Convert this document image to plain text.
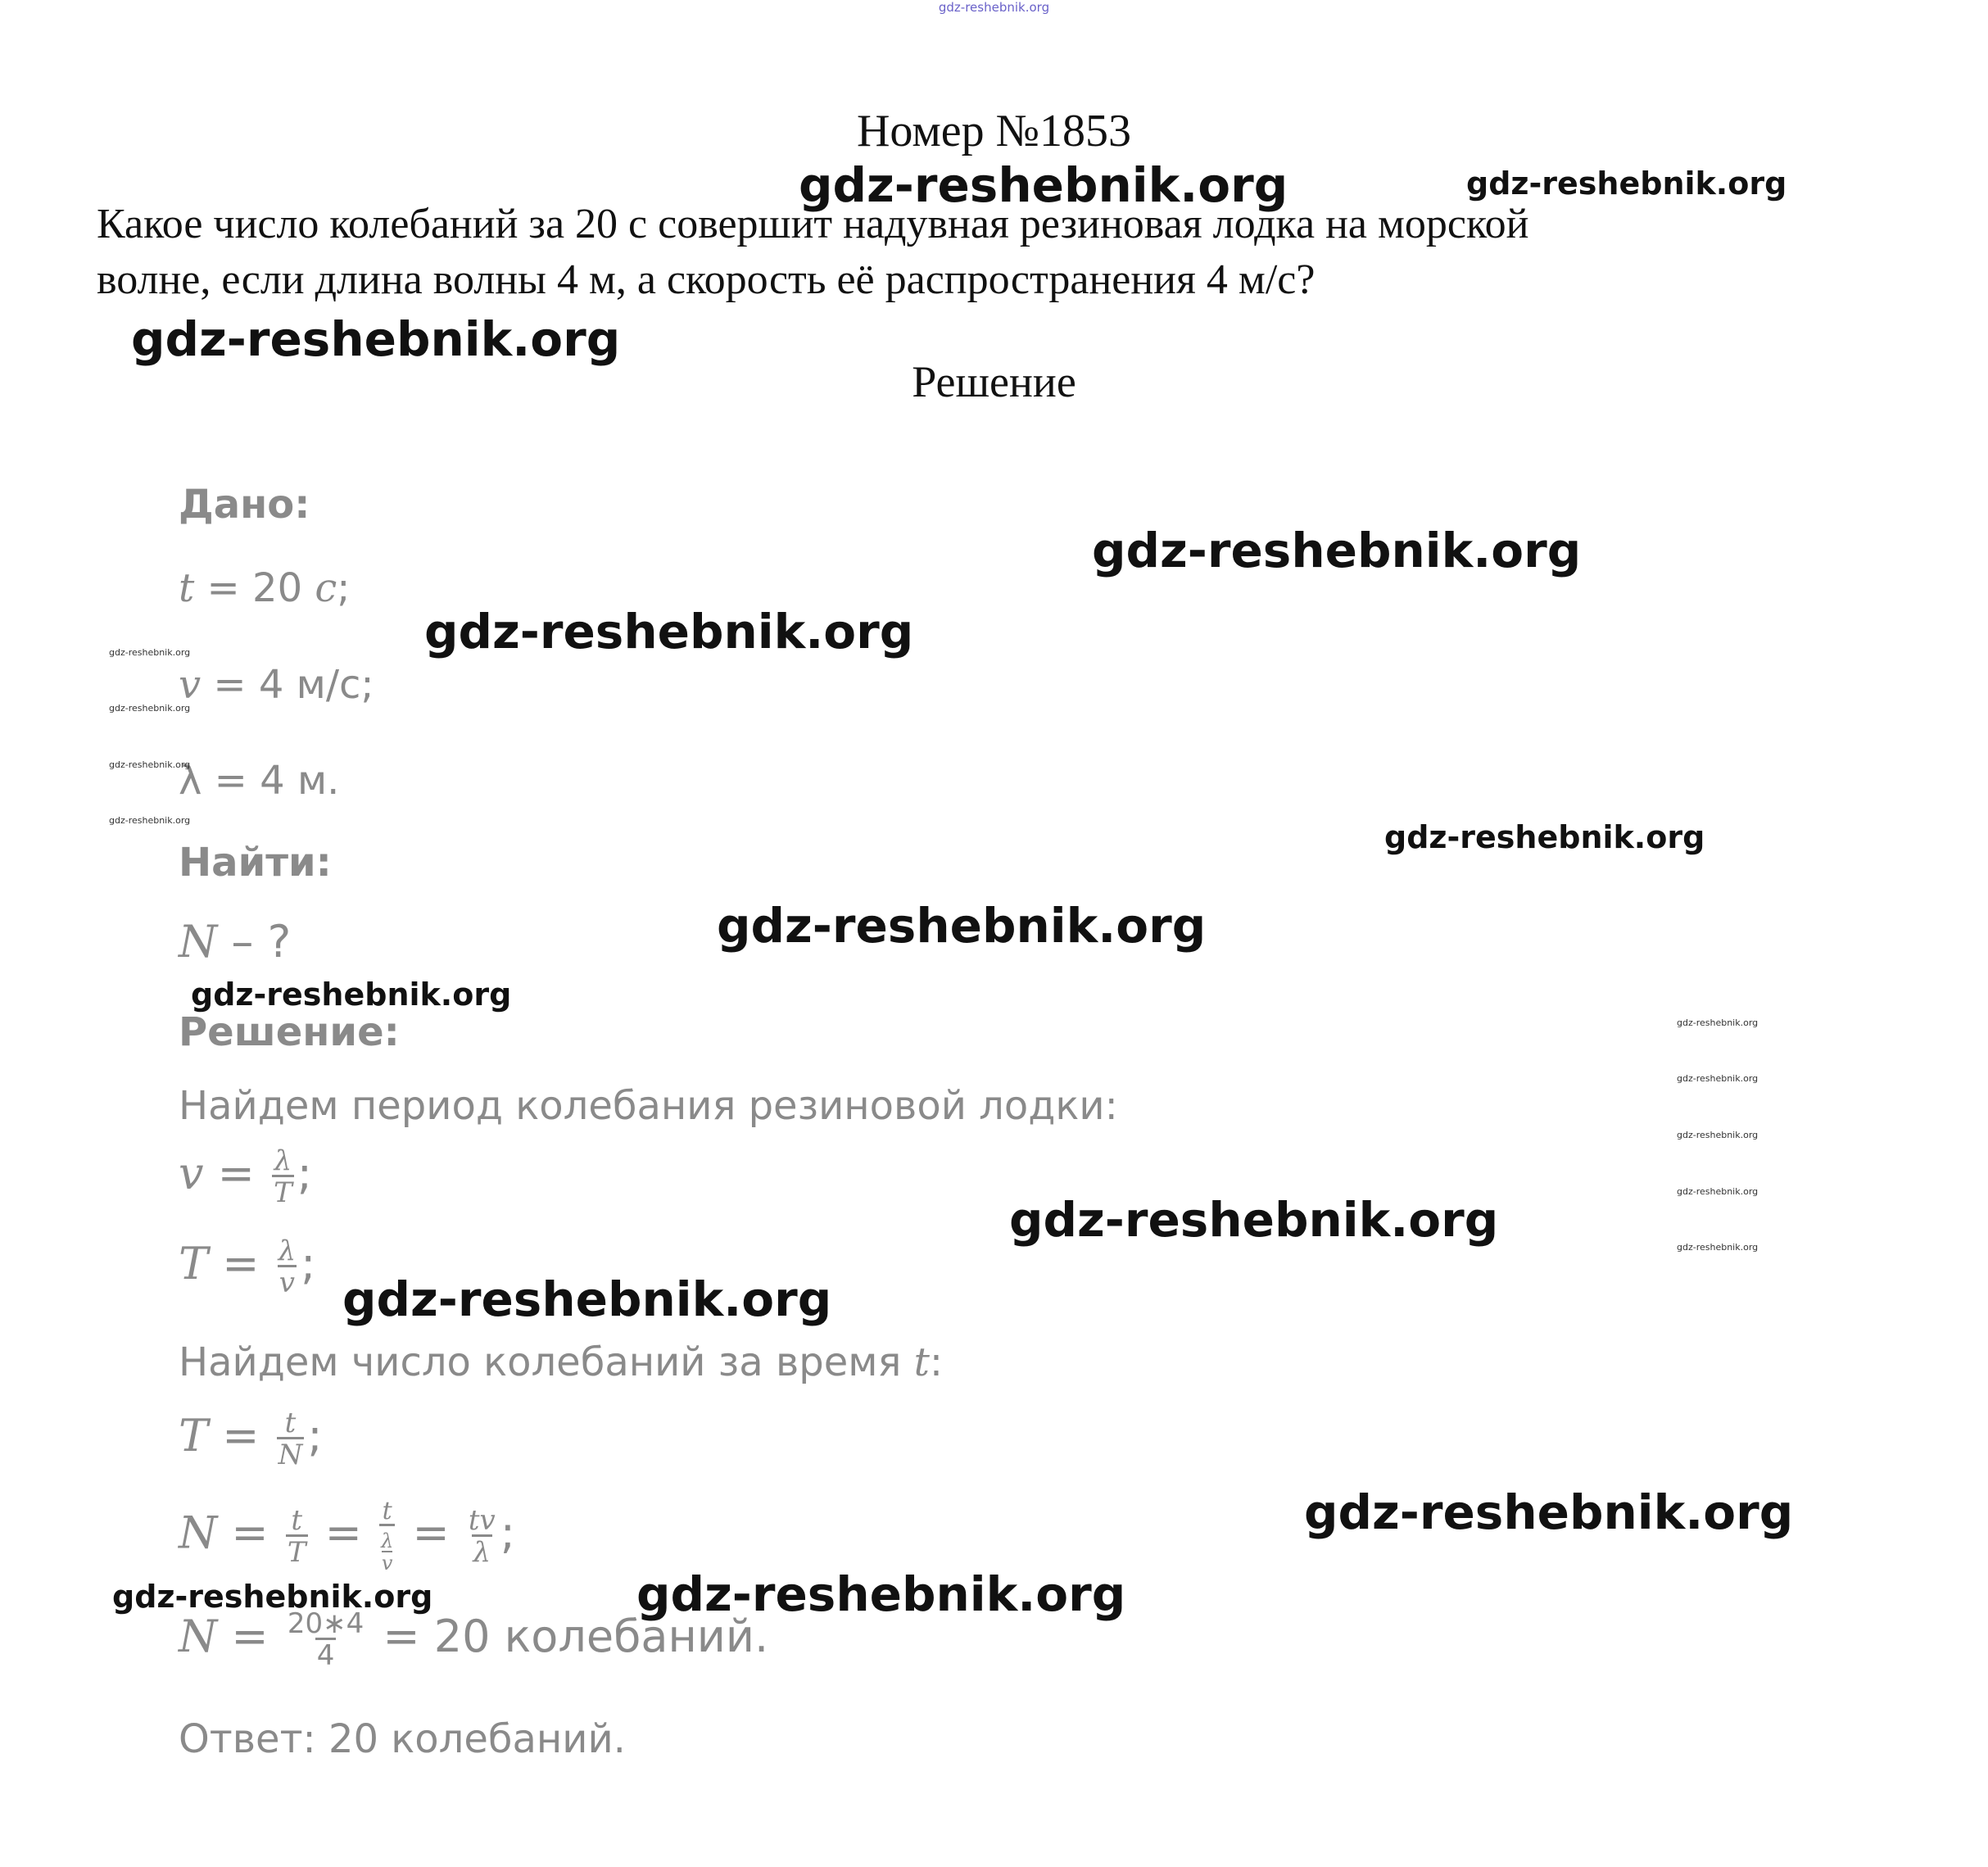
gdz-reshebnik.org
Номер №1853
Какое число колебаний за 20 с совершит надувная резиновая лодка на морской
волне, если длина волны 4 м, а скорость её распространения 4 м/с?
Решение
Дано:
t = 20 c;
v = 4 м/с;
λ = 4 м.
Найти:
N – ?
Решение:
Найдем период колебания резиновой лодки:
$v = \frac{\lambda}{T}$ ;
$T = \frac{\lambda}{v}$ ;
Найдем число колебаний за время t:
$T = \frac{t}{N}$ ;
$N = \frac{t}{T} = \frac{t}{\frac{\lambda}{v}} = \frac{tv}{\lambda}$ ;
$N = \frac{20∗4}{4} = 20$ колебаний.
Ответ: 20 колебаний.
gdz-reshebnik.org	gdz-reshebnik.org
gdz-reshebnik.org
gdz-reshebnik.org
gdz-reshebnik.org
gdz-reshebnik.org
gdz-reshebnik.org
gdz-reshebnik.org
gdz-reshebnik.org
gdz-reshebnik.org
gdz-reshebnik.org
gdz-reshebnik.org	gdz-reshebnik.org
gdz-reshebnik.org
gdz-reshebnik.org
gdz-reshebnik.org
gdz-reshebnik.org
gdz-reshebnik.org
gdz-reshebnik.org
gdz-reshebnik.org
gdz-reshebnik.org
gdz-reshebnik.org
